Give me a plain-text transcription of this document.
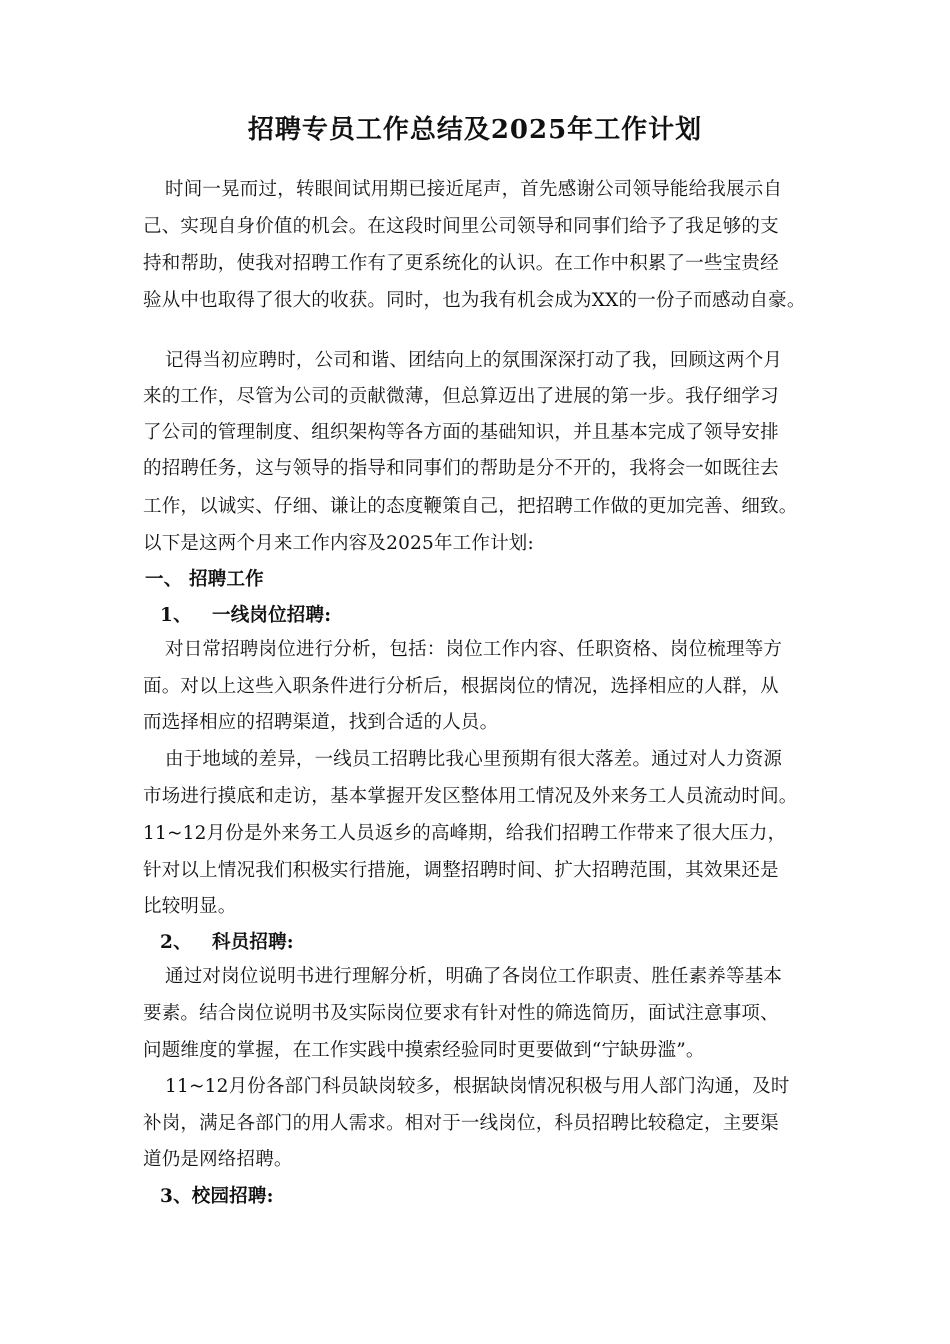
招聘专员工作总结及2025年工作计划
时间一晃而过，转眼间试用期已接近尾声，首先感谢公司领导能给我展示自
己、实现自身价值的机会。在这段时间里公司领导和同事们给予了我足够的支
持和帮助，使我对招聘工作有了更系统化的认识。在工作中积累了一些宝贵经
验从中也取得了很大的收获。同时，也为我有机会成为XX的一份子而感动自豪。
记得当初应聘时，公司和谐、团结向上的氛围深深打动了我，回顾这两个月
来的工作，尽管为公司的贡献微薄，但总算迈出了进展的第一步。我仔细学习
了公司的管理制度、组织架构等各方面的基础知识，并且基本完成了领导安排
的招聘任务，这与领导的指导和同事们的帮助是分不开的，我将会一如既往去
工作，以诚实、仔细、谦让的态度鞭策自己，把招聘工作做的更加完善、细致。
以下是这两个月来工作内容及2025年工作计划:
一、 招聘工作
1、 一线岗位招聘:
对日常招聘岗位进行分析，包括：岗位工作内容、任职资格、岗位梳理等方
面。对以上这些入职条件进行分析后，根据岗位的情况，选择相应的人群，从
而选择相应的招聘渠道，找到合适的人员。
由于地域的差异，一线员工招聘比我心里预期有很大落差。通过对人力资源
市场进行摸底和走访，基本掌握开发区整体用工情况及外来务工人员流动时间。
11~12月份是外来务工人员返乡的高峰期，给我们招聘工作带来了很大压力，
针对以上情况我们积极实行措施，调整招聘时间、扩大招聘范围，其效果还是
比较明显。
2、 科员招聘:
通过对岗位说明书进行理解分析，明确了各岗位工作职责、胜任素养等基本
要素。结合岗位说明书及实际岗位要求有针对性的筛选简历，面试注意事项、
问题维度的掌握，在工作实践中摸索经验同时更要做到“宁缺毋滥”。
11~12月份各部门科员缺岗较多，根据缺岗情况积极与用人部门沟通，及时
补岗，满足各部门的用人需求。相对于一线岗位，科员招聘比较稳定，主要渠
道仍是网络招聘。
3、校园招聘:
